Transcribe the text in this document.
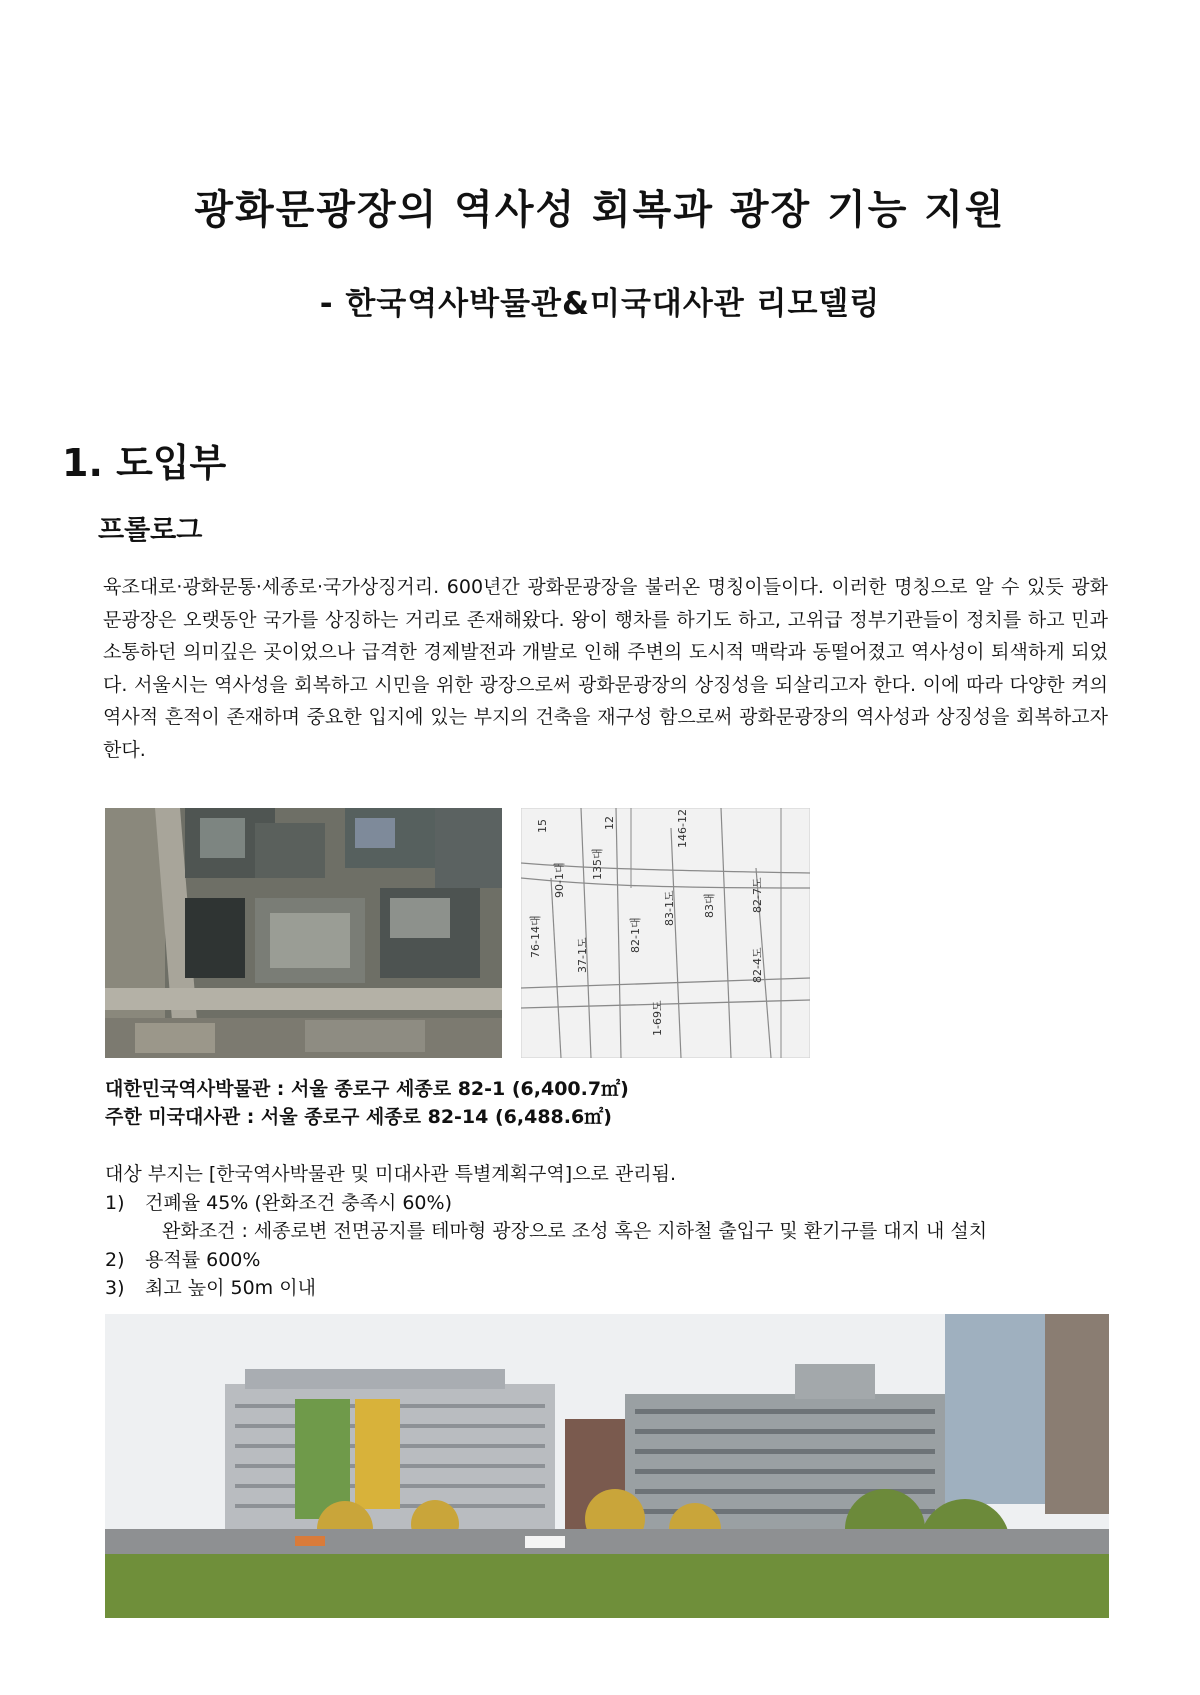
광화문광장의 역사성 회복과 광장 기능 지원
- 한국역사박물관&미국대사관 리모델링
1. 도입부
프롤로그

육조대로·광화문통·세종로·국가상징거리. 600년간 광화문광장을 불러온 명칭이들이다. 이러한 명칭으로 알 수 있듯 광화문광장은 오랫동안 국가를 상징하는 거리로 존재해왔다. 왕이 행차를 하기도 하고, 고위급 정부기관들이 정치를 하고 민과 소통하던 의미깊은 곳이었으나 급격한 경제발전과 개발로 인해 주변의 도시적 맥락과 동떨어졌고 역사성이 퇴색하게 되었다. 서울시는 역사성을 회복하고 시민을 위한 광장으로써 광화문광장의 상징성을 되살리고자 한다. 이에 따라 다양한 켜의 역사적 흔적이 존재하며 중요한 입지에 있는 부지의 건축을 재구성 함으로써 광화문광장의 역사성과 상징성을 회복하고자 한다.

90-1대 135대
12	146-12
83-1도 83대	82-7도
76-14대	37-1도
82-1대
82-4도
1-69도
15

대한민국역사박물관 : 서울 종로구 세종로 82-1 (6,400.7㎡)

주한 미국대사관 : 서울 종로구 세종로 82-14 (6,488.6㎡)

대상 부지는 [한국역사박물관 및 미대사관 특별계획구역]으로 관리됨.

1) 건폐율 45% (완화조건 충족시 60%)

완화조건 : 세종로변 전면공지를 테마형 광장으로 조성 혹은 지하철 출입구 및 환기구를 대지 내 설치

2) 용적률 600%

3) 최고 높이 50m 이내
